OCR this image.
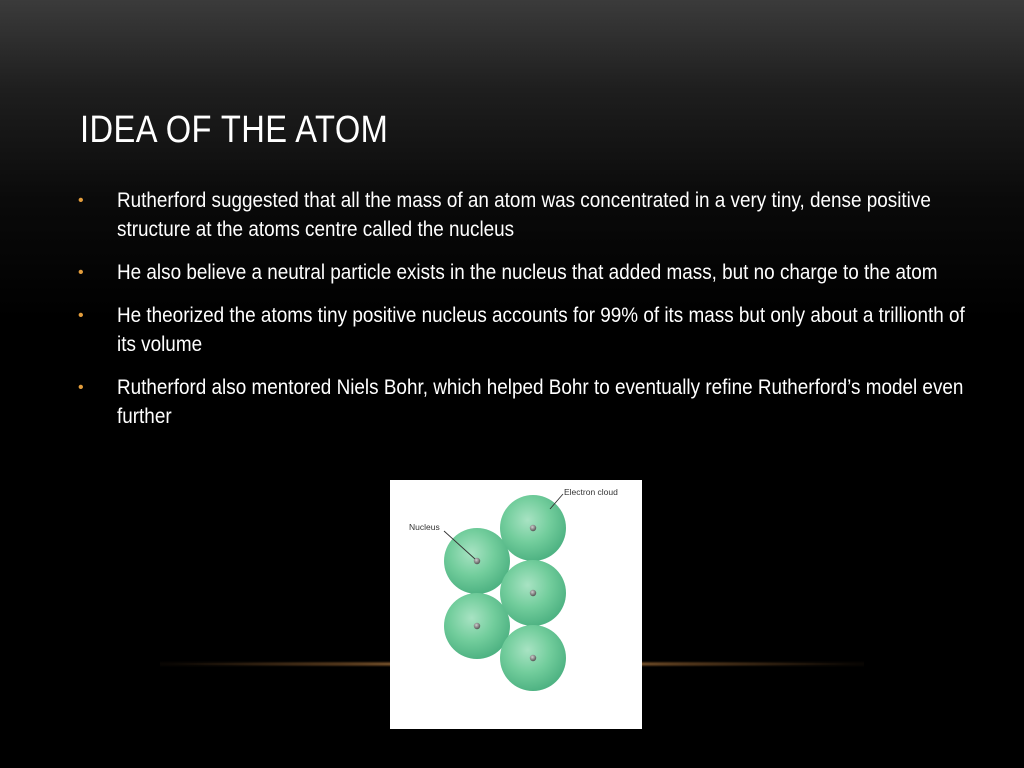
IDEA OF THE ATOM
• Rutherford suggested that all the mass of an atom was concentrated in a very tiny, dense positive structure at the atoms centre called the nucleus
• He also believe a neutral particle exists in the nucleus that added mass, but no charge to the atom
• He theorized the atoms tiny positive nucleus accounts for 99% of its mass but only about a trillionth of its volume
• Rutherford also mentored Niels Bohr, which helped Bohr to eventually refine Rutherford’s model even further
Electron cloud
Nucleus
